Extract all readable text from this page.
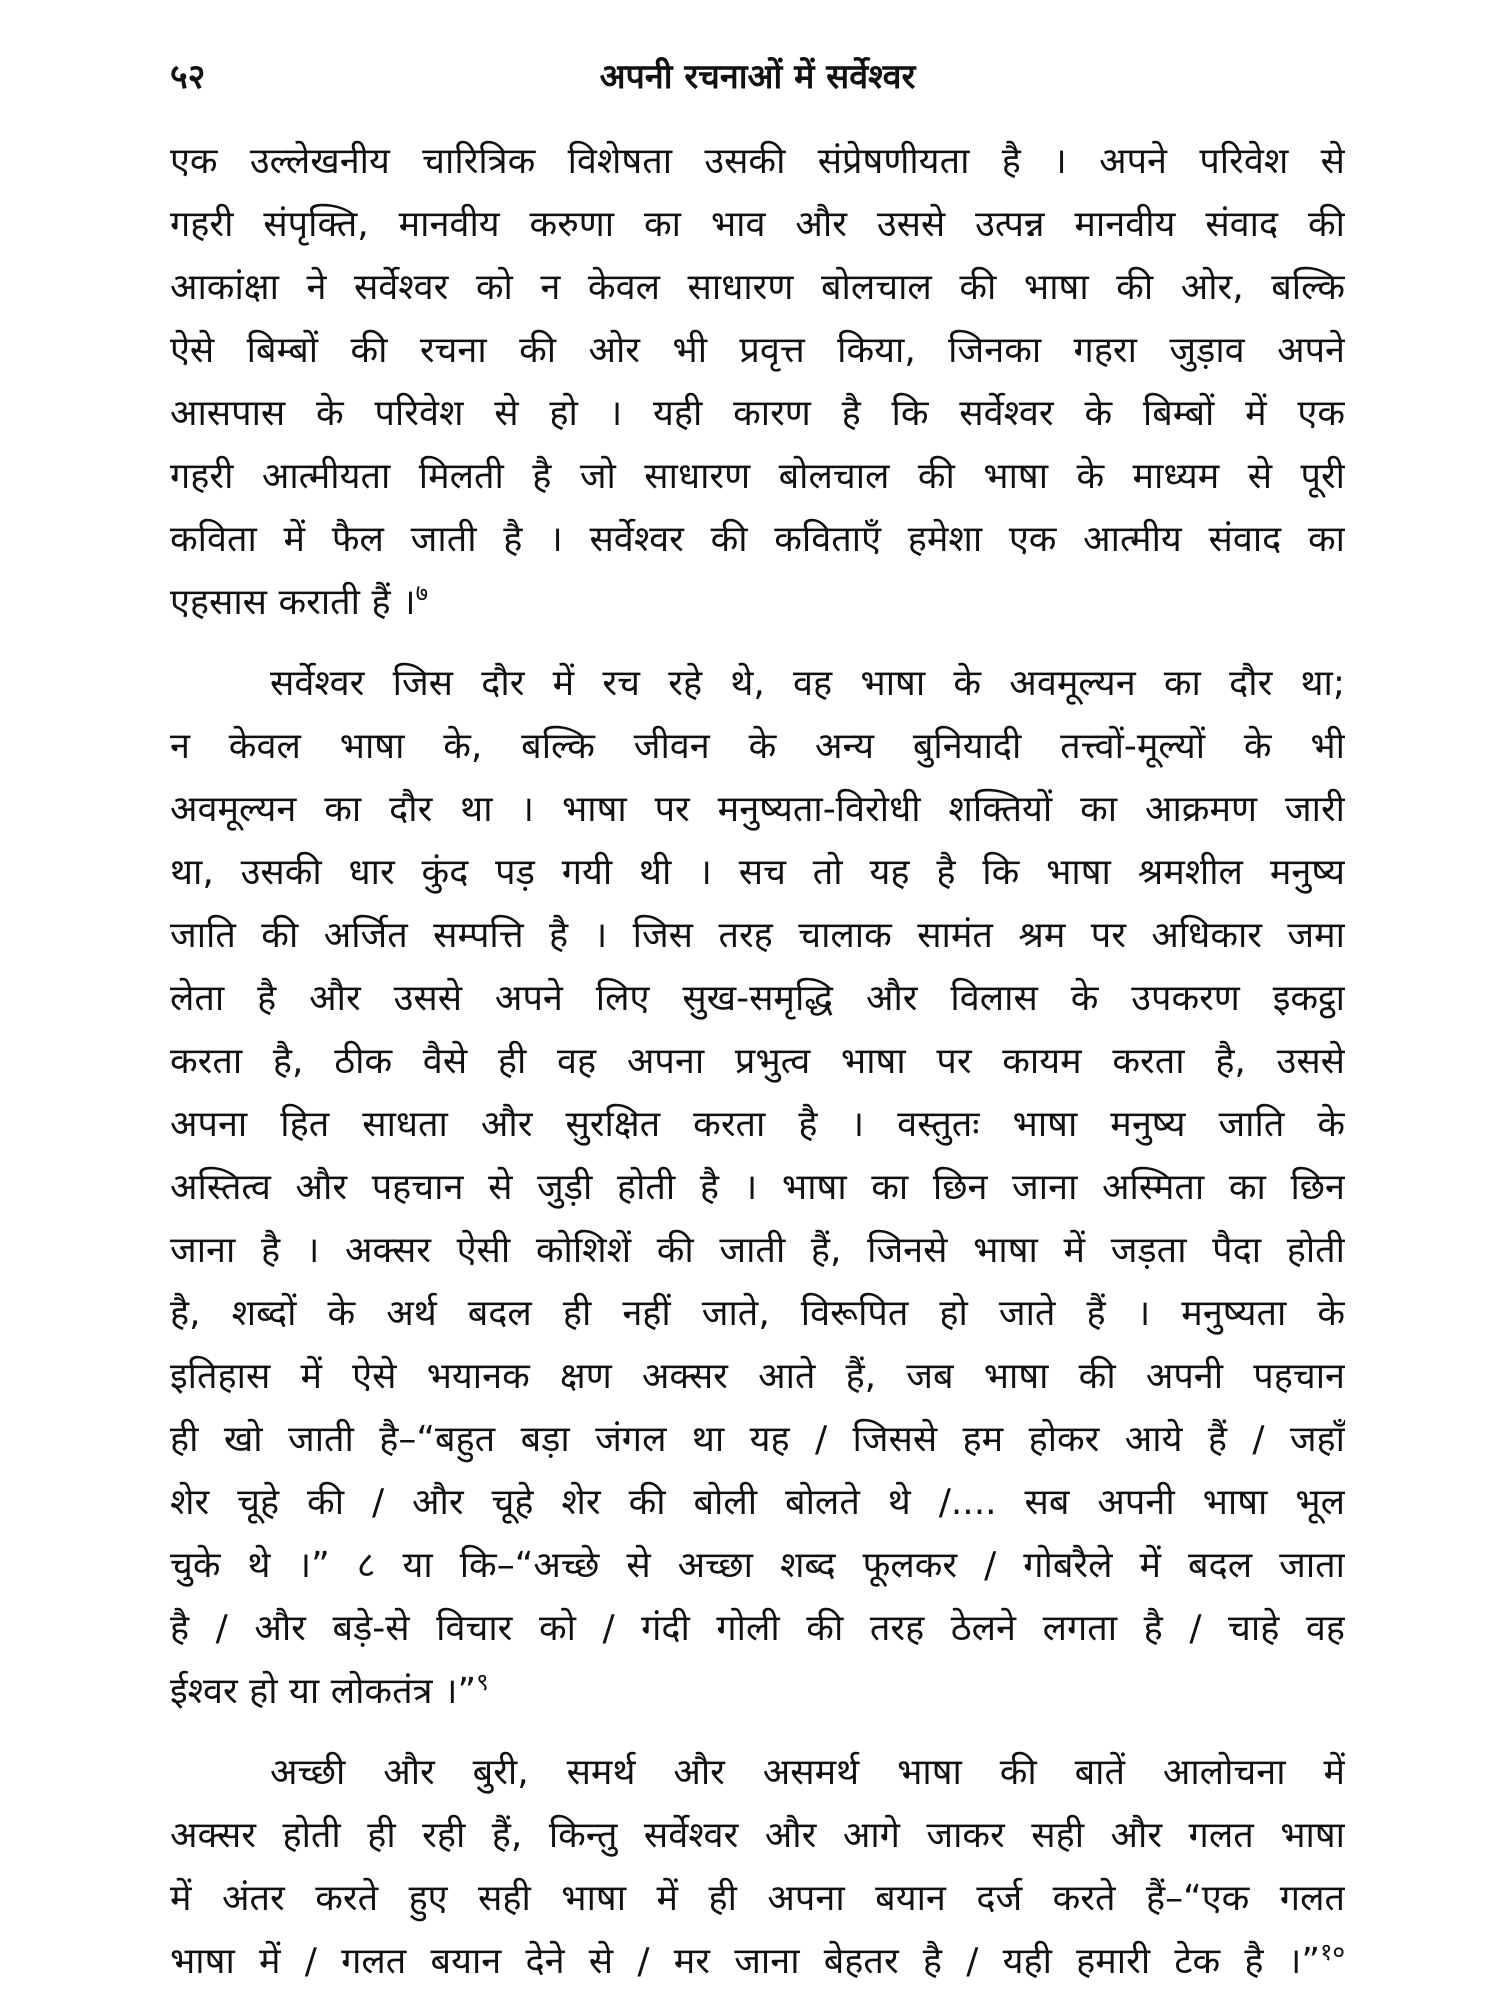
५२	अपनी रचनाओं में सर्वेश्वर

एक उल्लेखनीय चारित्रिक विशेषता उसकी संप्रेषणीयता है । अपने परिवेश से
गहरी संपृक्ति, मानवीय करुणा का भाव और उससे उत्पन्न मानवीय संवाद की
आकांक्षा ने सर्वेश्वर को न केवल साधारण बोलचाल की भाषा की ओर, बल्कि
ऐसे बिम्बों की रचना की ओर भी प्रवृत्त किया, जिनका गहरा जुड़ाव अपने
आसपास के परिवेश से हो । यही कारण है कि सर्वेश्वर के बिम्बों में एक
गहरी आत्मीयता मिलती है जो साधारण बोलचाल की भाषा के माध्यम से पूरी
कविता में फैल जाती है । सर्वेश्वर की कविताएँ हमेशा एक आत्मीय संवाद का
एहसास कराती हैं ।$^७$

सर्वेश्वर जिस दौर में रच रहे थे, वह भाषा के अवमूल्यन का दौर था;
न केवल भाषा के, बल्कि जीवन के अन्य बुनियादी तत्त्वों-मूल्यों के भी
अवमूल्यन का दौर था । भाषा पर मनुष्यता-विरोधी शक्तियों का आक्रमण जारी
था, उसकी धार कुंद पड़ गयी थी । सच तो यह है कि भाषा श्रमशील मनुष्य
जाति की अर्जित सम्पत्ति है । जिस तरह चालाक सामंत श्रम पर अधिकार जमा
लेता है और उससे अपने लिए सुख-समृद्धि और विलास के उपकरण इकट्ठा
करता है, ठीक वैसे ही वह अपना प्रभुत्व भाषा पर कायम करता है, उससे
अपना हित साधता और सुरक्षित करता है । वस्तुतः भाषा मनुष्य जाति के
अस्तित्व और पहचान से जुड़ी होती है । भाषा का छिन जाना अस्मिता का छिन
जाना है । अक्सर ऐसी कोशिशें की जाती हैं, जिनसे भाषा में जड़ता पैदा होती
है, शब्दों के अर्थ बदल ही नहीं जाते, विरूपित हो जाते हैं । मनुष्यता के
इतिहास में ऐसे भयानक क्षण अक्सर आते हैं, जब भाषा की अपनी पहचान
ही खो जाती है–“बहुत बड़ा जंगल था यह / जिससे हम होकर आये हैं / जहाँ
शेर चूहे की / और चूहे शेर की बोली बोलते थे /.... सब अपनी भाषा भूल
चुके थे ।” ८ या कि–“अच्छे से अच्छा शब्द फूलकर / गोबरैले में बदल जाता
है / और बड़े-से विचार को / गंदी गोली की तरह ठेलने लगता है / चाहे वह
ईश्वर हो या लोकतंत्र ।”$^९$

अच्छी और बुरी, समर्थ और असमर्थ भाषा की बातें आलोचना में
अक्सर होती ही रही हैं, किन्तु सर्वेश्वर और आगे जाकर सही और गलत भाषा
में अंतर करते हुए सही भाषा में ही अपना बयान दर्ज करते हैं–“एक गलत
भाषा में / गलत बयान देने से / मर जाना बेहतर है / यही हमारी टेक है ।”$^{१०}$
